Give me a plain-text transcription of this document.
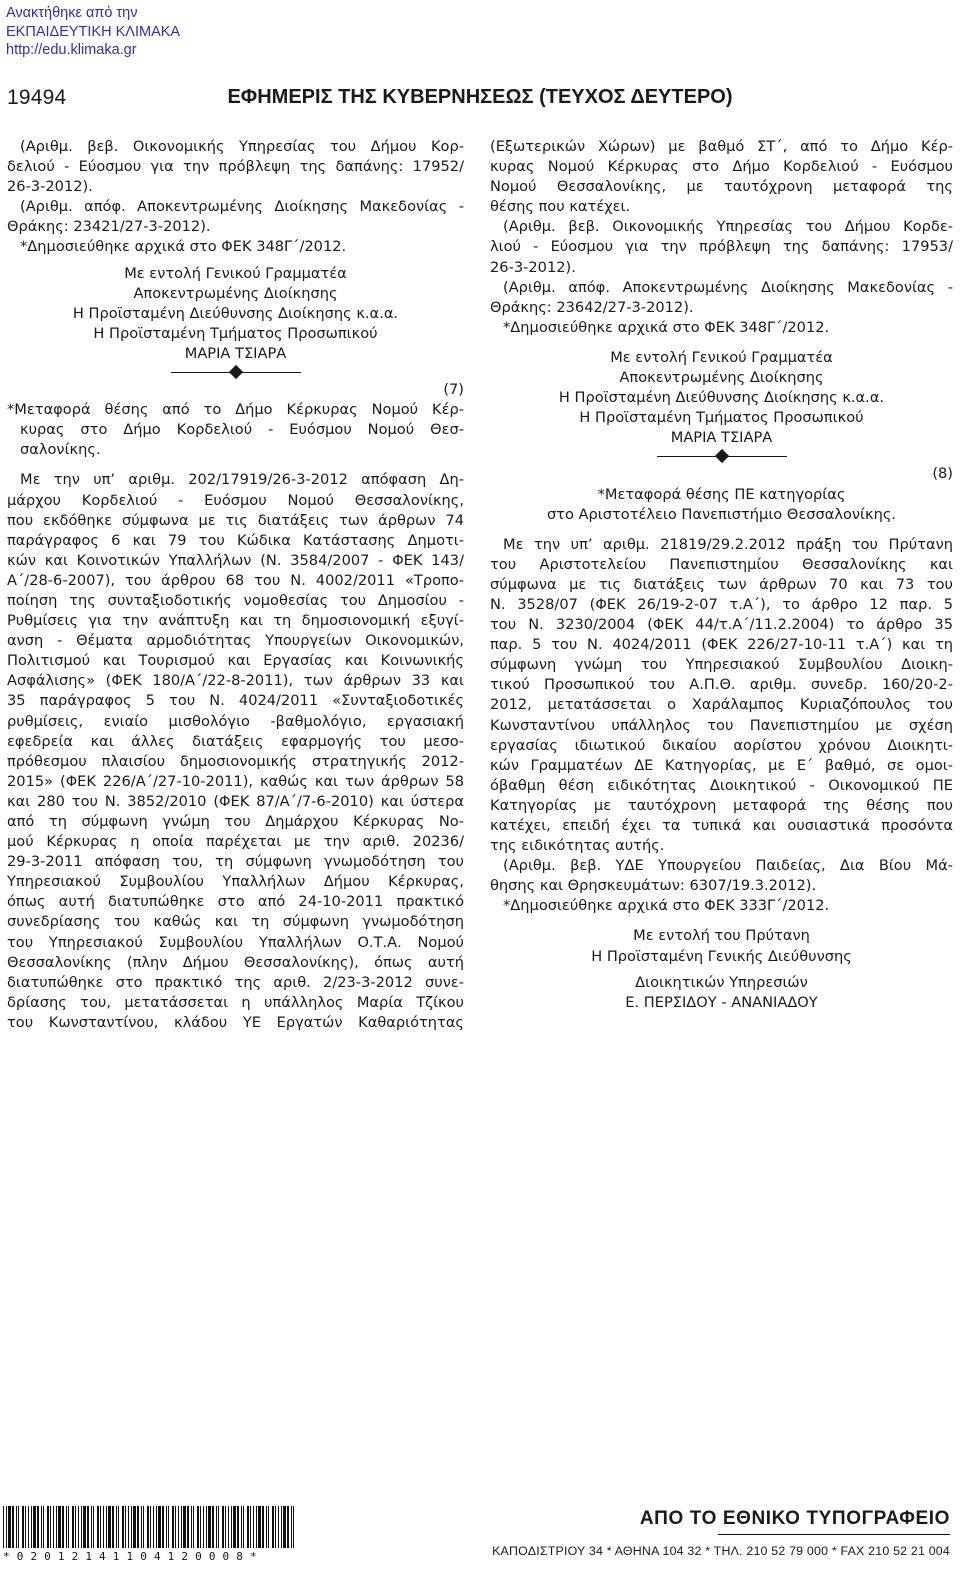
Ανακτήθηκε από την
ΕΚΠΑΙΔΕΥΤΙΚΗ ΚΛΙΜΑΚΑ
http://edu.klimaka.gr
19494	ΕΦΗΜΕΡΙΣ ΤΗΣ ΚΥΒΕΡΝΗΣΕΩΣ (ΤΕΥΧΟΣ ΔΕΥΤΕΡΟ)
(Αριθμ. βεβ. Οικονομικής Υπηρεσίας του Δήμου Κορ-
δελιού - Εύοσμου για την πρόβλεψη της δαπάνης: 17952/
26-3-2012).
(Αριθμ. απόφ. Αποκεντρωμένης Διοίκησης Μακεδονίας -
Θράκης: 23421/27-3-2012).
*Δημοσιεύθηκε αρχικά στο ΦΕΚ 348Γ΄/2012.
Με εντολή Γενικού Γραμματέα
Αποκεντρωμένης Διοίκησης
Η Προϊσταμένη Διεύθυνσης Διοίκησης κ.α.α.
Η Προϊσταμένη Τμήματος Προσωπικού
ΜΑΡΙΑ ΤΣΙΑΡΑ
(7)
*Μεταφορά θέσης από το Δήμο Κέρκυρας Νομού Κέρ-
κυρας στο Δήμο Κορδελιού - Ευόσμου Νομού Θεσ-
σαλονίκης.
Με την υπ’ αριθμ. 202/17919/26-3-2012 απόφαση Δη-
μάρχου Κορδελιού - Ευόσμου Νομού Θεσσαλονίκης,
που εκδόθηκε σύμφωνα με τις διατάξεις των άρθρων 74
παράγραφος 6 και 79 του Κώδικα Κατάστασης Δημοτι-
κών και Κοινοτικών Υπαλλήλων (Ν. 3584/2007 - ΦΕΚ 143/
Α΄/28-6-2007), του άρθρου 68 του Ν. 4002/2011 «Τροπο-
ποίηση της συνταξιοδοτικής νομοθεσίας του Δημοσίου -
Ρυθμίσεις για την ανάπτυξη και τη δημοσιονομική εξυγί-
ανση - Θέματα αρμοδιότητας Υπουργείων Οικονομικών,
Πολιτισμού και Τουρισμού και Εργασίας και Κοινωνικής
Ασφάλισης» (ΦΕΚ 180/Α΄/22-8-2011), των άρθρων 33 και
35 παράγραφος 5 του Ν. 4024/2011 «Συνταξιοδοτικές
ρυθμίσεις, ενιαίο μισθολόγιο -βαθμολόγιο, εργασιακή
εφεδρεία και άλλες διατάξεις εφαρμογής του μεσο-
πρόθεσμου πλαισίου δημοσιονομικής στρατηγικής 2012-
2015» (ΦΕΚ 226/Α΄/27-10-2011), καθώς και των άρθρων 58
και 280 του Ν. 3852/2010 (ΦΕΚ 87/Α΄/7-6-2010) και ύστερα
από τη σύμφωνη γνώμη του Δημάρχου Κέρκυρας Νο-
μού Κέρκυρας η οποία παρέχεται με την αριθ. 20236/
29-3-2011 απόφαση του, τη σύμφωνη γνωμοδότηση του
Υπηρεσιακού Συμβουλίου Υπαλλήλων Δήμου Κέρκυρας,
όπως αυτή διατυπώθηκε στο από 24-10-2011 πρακτικό
συνεδρίασης του καθώς και τη σύμφωνη γνωμοδότηση
του Υπηρεσιακού Συμβουλίου Υπαλλήλων Ο.Τ.Α. Νομού
Θεσσαλονίκης (πλην Δήμου Θεσσαλονίκης), όπως αυτή
διατυπώθηκε στο πρακτικό της αριθ. 2/23-3-2012 συνε-
δρίασης του, μετατάσσεται η υπάλληλος Μαρία Τζίκου
του Κωνσταντίνου, κλάδου ΥΕ Εργατών Καθαριότητας
(Εξωτερικών Χώρων) με βαθμό ΣΤ΄, από το Δήμο Κέρ-
κυρας Νομού Κέρκυρας στο Δήμο Κορδελιού - Ευόσμου
Νομού Θεσσαλονίκης, με ταυτόχρονη μεταφορά της
θέσης που κατέχει.
(Αριθμ. βεβ. Οικονομικής Υπηρεσίας του Δήμου Κορδε-
λιού - Εύοσμου για την πρόβλεψη της δαπάνης: 17953/
26-3-2012).
(Αριθμ. απόφ. Αποκεντρωμένης Διοίκησης Μακεδονίας -
Θράκης: 23642/27-3-2012).
*Δημοσιεύθηκε αρχικά στο ΦΕΚ 348Γ΄/2012.
Με εντολή Γενικού Γραμματέα
Αποκεντρωμένης Διοίκησης
Η Προϊσταμένη Διεύθυνσης Διοίκησης κ.α.α.
Η Προϊσταμένη Τμήματος Προσωπικού
ΜΑΡΙΑ ΤΣΙΑΡΑ
(8)
*Μεταφορά θέσης ΠΕ κατηγορίας
στο Αριστοτέλειο Πανεπιστήμιο Θεσσαλονίκης.
Με την υπ’ αριθμ. 21819/29.2.2012 πράξη του Πρύτανη
του Αριστοτελείου Πανεπιστημίου Θεσσαλονίκης και
σύμφωνα με τις διατάξεις των άρθρων 70 και 73 του
Ν. 3528/07 (ΦΕΚ 26/19-2-07 τ.Α΄), το άρθρο 12 παρ. 5
του Ν. 3230/2004 (ΦΕΚ 44/τ.Α΄/11.2.2004) το άρθρο 35
παρ. 5 του Ν. 4024/2011 (ΦΕΚ 226/27-10-11 τ.Α΄) και τη
σύμφωνη γνώμη του Υπηρεσιακού Συμβουλίου Διοικη-
τικού Προσωπικού του Α.Π.Θ. αριθμ. συνεδρ. 160/20-2-
2012, μετατάσσεται ο Χαράλαμπος Κυριαζόπουλος του
Κωνσταντίνου υπάλληλος του Πανεπιστημίου με σχέση
εργασίας ιδιωτικού δικαίου αορίστου χρόνου Διοικητι-
κών Γραμματέων ΔΕ Κατηγορίας, με Ε΄ βαθμό, σε ομοι-
όβαθμη θέση ειδικότητας Διοικητικού - Οικονομικού ΠΕ
Κατηγορίας με ταυτόχρονη μεταφορά της θέσης που
κατέχει, επειδή έχει τα τυπικά και ουσιαστικά προσόντα
της ειδικότητας αυτής.
(Αριθμ. βεβ. ΥΔΕ Υπουργείου Παιδείας, Δια Βίου Μά-
θησης και Θρησκευμάτων: 6307/19.3.2012).
*Δημοσιεύθηκε αρχικά στο ΦΕΚ 333Γ΄/2012.
Με εντολή του Πρύτανη
Η Προϊσταμένη Γενικής Διεύθυνσης
Διοικητικών Υπηρεσιών
Ε. ΠΕΡΣΙΔΟΥ - ΑΝΑΝΙΑΔΟΥ
*02012141104120008*
ΑΠΟ ΤΟ ΕΘΝΙΚΟ ΤΥΠΟΓΡΑΦΕΙΟ
ΚΑΠΟΔΙΣΤΡΙΟΥ 34 * ΑΘΗΝΑ 104 32 * ΤΗΛ. 210 52 79 000 * FAX 210 52 21 004
